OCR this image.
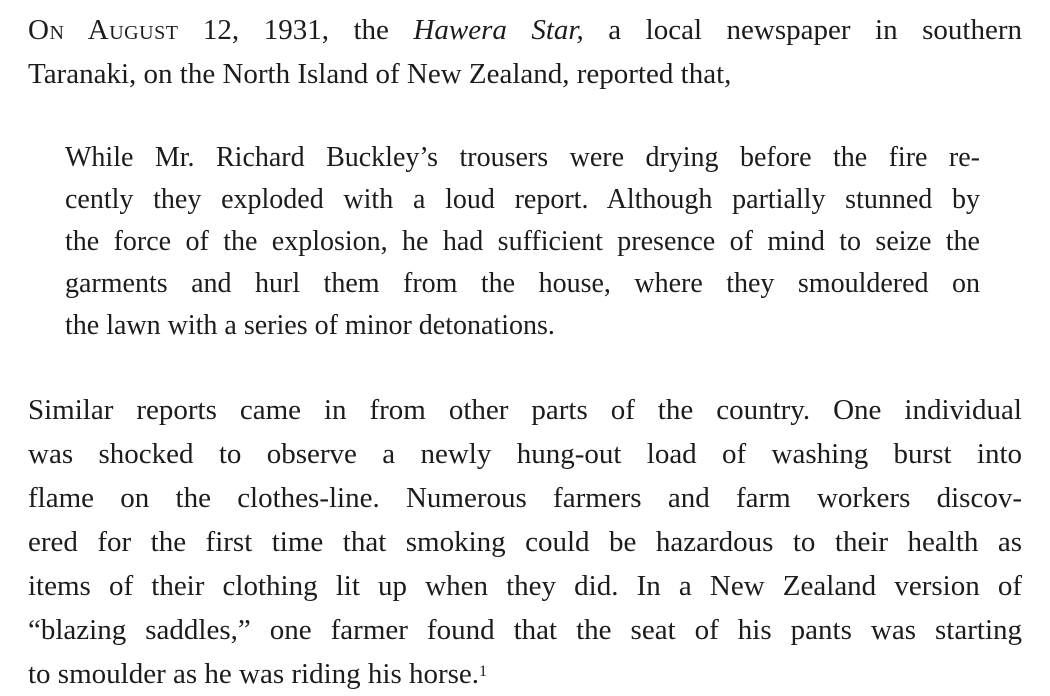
On August 12, 1931, the Hawera Star, a local newspaper in southern
Taranaki, on the North Island of New Zealand, reported that,

While Mr. Richard Buckley’s trousers were drying before the fire re-
cently they exploded with a loud report. Although partially stunned by
the force of the explosion, he had sufficient presence of mind to seize the
garments and hurl them from the house, where they smouldered on
the lawn with a series of minor detonations.

Similar reports came in from other parts of the country. One individual
was shocked to observe a newly hung-out load of washing burst into
flame on the clothes-line. Numerous farmers and farm workers discov-
ered for the first time that smoking could be hazardous to their health as
items of their clothing lit up when they did. In a New Zealand version of
“blazing saddles,” one farmer found that the seat of his pants was starting
to smoulder as he was riding his horse.$^1$
